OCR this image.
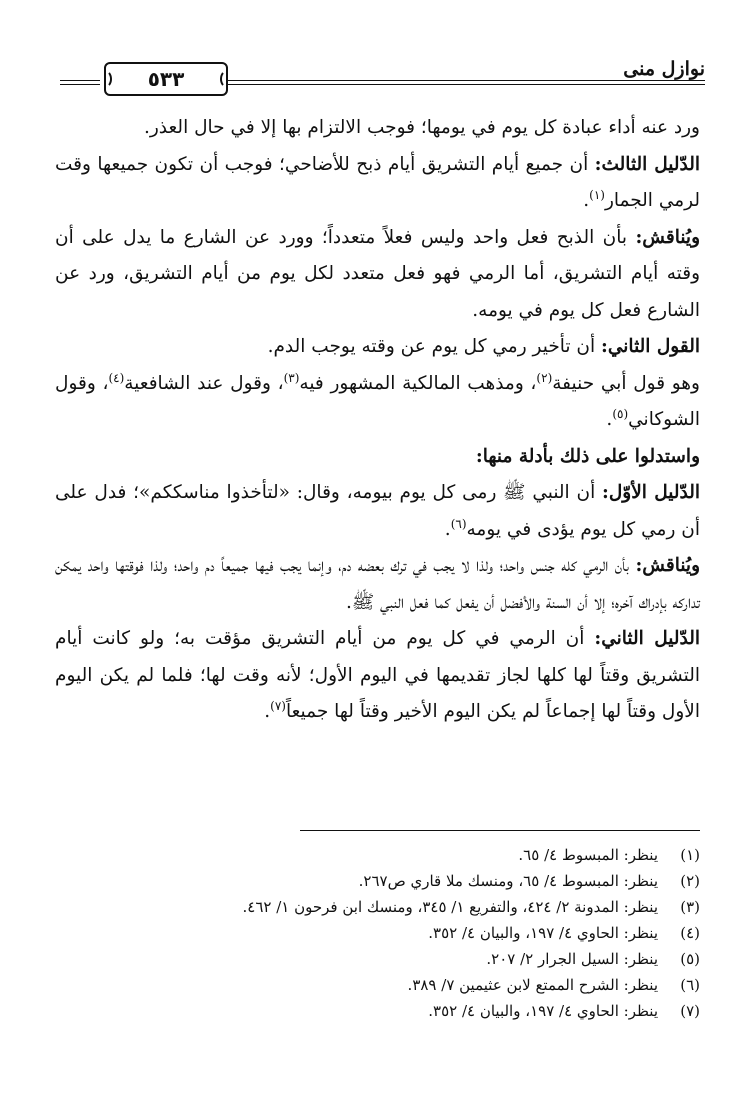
نوازل منى
٥٣٣

ورد عنه أداء عبادة كل يوم في يومها؛ فوجب الالتزام بها إلا في حال العذر.

الدّليل الثالث: أن جميع أيام التشريق أيام ذبح للأضاحي؛ فوجب أن تكون جميعها وقت لرمي الجمار$^{(١)}$.

ويُناقش: بأن الذبح فعل واحد وليس فعلاً متعدداً؛ وورد عن الشارع ما يدل على أن وقته أيام التشريق، أما الرمي فهو فعل متعدد لكل يوم من أيام التشريق، ورد عن الشارع فعل كل يوم في يومه.

القول الثاني: أن تأخير رمي كل يوم عن وقته يوجب الدم.

وهو قول أبي حنيفة$^{(٢)}$، ومذهب المالكية المشهور فيه$^{(٣)}$، وقول عند الشافعية$^{(٤)}$، وقول الشوكاني$^{(٥)}$.

واستدلوا على ذلك بأدلة منها:

الدّليل الأوّل: أن النبي ﷺ رمى كل يوم بيومه، وقال: «لتأخذوا مناسككم»؛ فدل على أن رمي كل يوم يؤدى في يومه$^{(٦)}$.

ويُناقش: بأن الرمي كله جنس واحد؛ ولذا لا يجب في ترك بعضه دم، وإنما يجب فيها جميعاً دم واحد؛ ولذا فوقتها واحد يمكن تداركه بإدراك آخره؛ إلا أن السنة والأفضل أن يفعل كما فعل النبي ﷺ.

الدّليل الثاني: أن الرمي في كل يوم من أيام التشريق مؤقت به؛ ولو كانت أيام التشريق وقتاً لها كلها لجاز تقديمها في اليوم الأول؛ لأنه وقت لها؛ فلما لم يكن اليوم الأول وقتاً لها إجماعاً لم يكن اليوم الأخير وقتاً لها جميعاً$^{(٧)}$.

(١)
ينظر: المبسوط ٤/ ٦٥.
(٢)
ينظر: المبسوط ٤/ ٦٥، ومنسك ملا قاري ص٢٦٧.
(٣)
ينظر: المدونة ٢/ ٤٢٤، والتفريع ١/ ٣٤٥، ومنسك ابن فرحون ١/ ٤٦٢.
(٤)
ينظر: الحاوي ٤/ ١٩٧، والبيان ٤/ ٣٥٢.
(٥)
ينظر: السيل الجرار ٢/ ٢٠٧.
(٦)
ينظر: الشرح الممتع لابن عثيمين ٧/ ٣٨٩.
(٧)
ينظر: الحاوي ٤/ ١٩٧، والبيان ٤/ ٣٥٢.
